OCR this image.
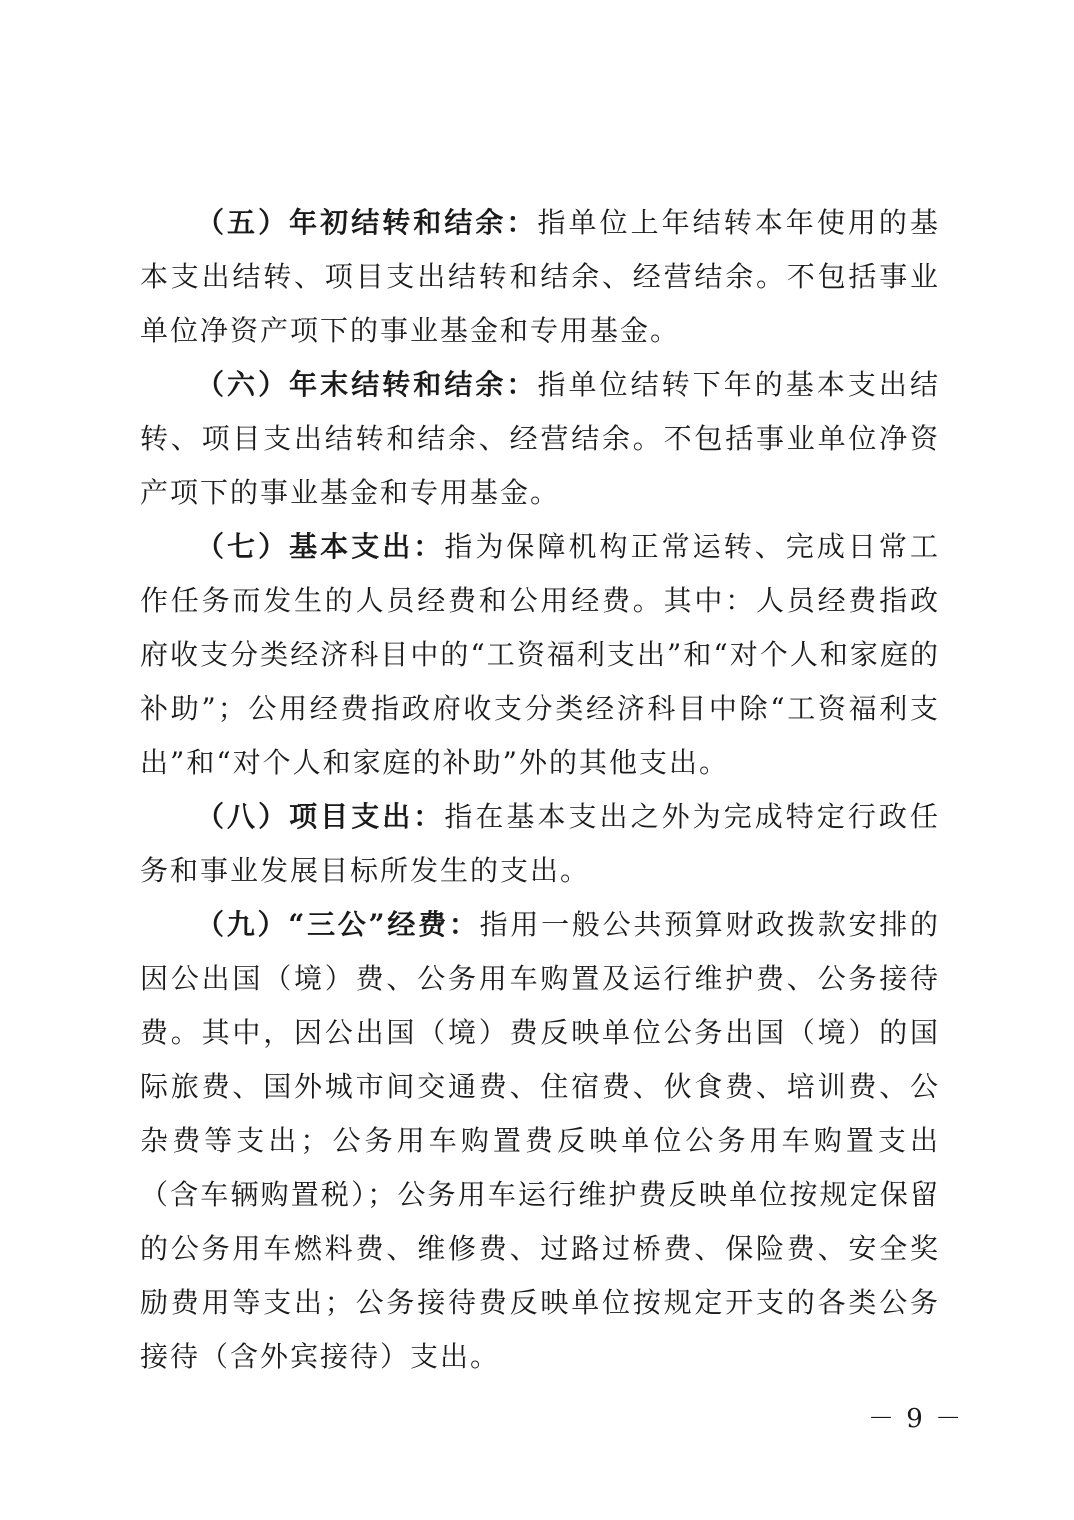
（五）年初结转和结余：指单位上年结转本年使用的基本支出结转、项目支出结转和结余、经营结余。不包括事业单位净资产项下的事业基金和专用基金。

（六）年末结转和结余：指单位结转下年的基本支出结转、项目支出结转和结余、经营结余。不包括事业单位净资产项下的事业基金和专用基金。

（七）基本支出：指为保障机构正常运转、完成日常工作任务而发生的人员经费和公用经费。其中：人员经费指政府收支分类经济科目中的“工资福利支出”和“对个人和家庭的补助”；公用经费指政府收支分类经济科目中除“工资福利支出”和“对个人和家庭的补助”外的其他支出。

（八）项目支出：指在基本支出之外为完成特定行政任务和事业发展目标所发生的支出。

（九）“三公”经费：指用一般公共预算财政拨款安排的因公出国（境）费、公务用车购置及运行维护费、公务接待费。其中，因公出国（境）费反映单位公务出国（境）的国际旅费、国外城市间交通费、住宿费、伙食费、培训费、公杂费等支出；公务用车购置费反映单位公务用车购置支出（含车辆购置税）；公务用车运行维护费反映单位按规定保留的公务用车燃料费、维修费、过路过桥费、保险费、安全奖励费用等支出；公务接待费反映单位按规定开支的各类公务接待（含外宾接待）支出。

－ 9 －
